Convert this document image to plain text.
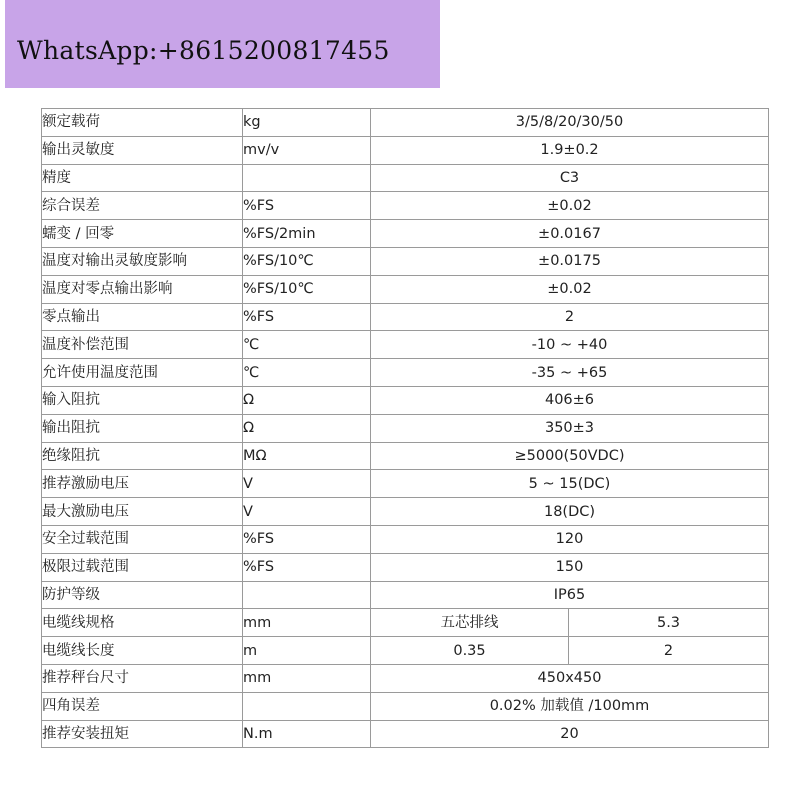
WhatsApp:+8615200817455
额定载荷	kg	3/5/8/20/30/50	
输出灵敏度	mv/v	1.9±0.2	
精度		C3	
综合误差	%FS	±0.02	
蠕变 / 回零	%FS/2min	±0.0167	
温度对输出灵敏度影响	%FS/10℃	±0.0175	
温度对零点输出影响	%FS/10℃	±0.02	
零点输出	%FS	2	
温度补偿范围	℃	-10 ~ +40	
允许使用温度范围	℃	-35 ~ +65	
输入阻抗	Ω	406±6	
输出阻抗	Ω	350±3	
绝缘阻抗	MΩ	≥5000(50VDC)	
推荐激励电压	V	5 ~ 15(DC)	
最大激励电压	V	18(DC)	
安全过载范围	%FS	120	
极限过载范围	%FS	150	
防护等级		IP65	
电缆线规格	mm	五芯排线	5.3
电缆线长度	m	0.35	2
推荐秤台尺寸	mm	450x450	
四角误差		0.02% 加载值 /100mm	
推荐安装扭矩	N.m	20	
